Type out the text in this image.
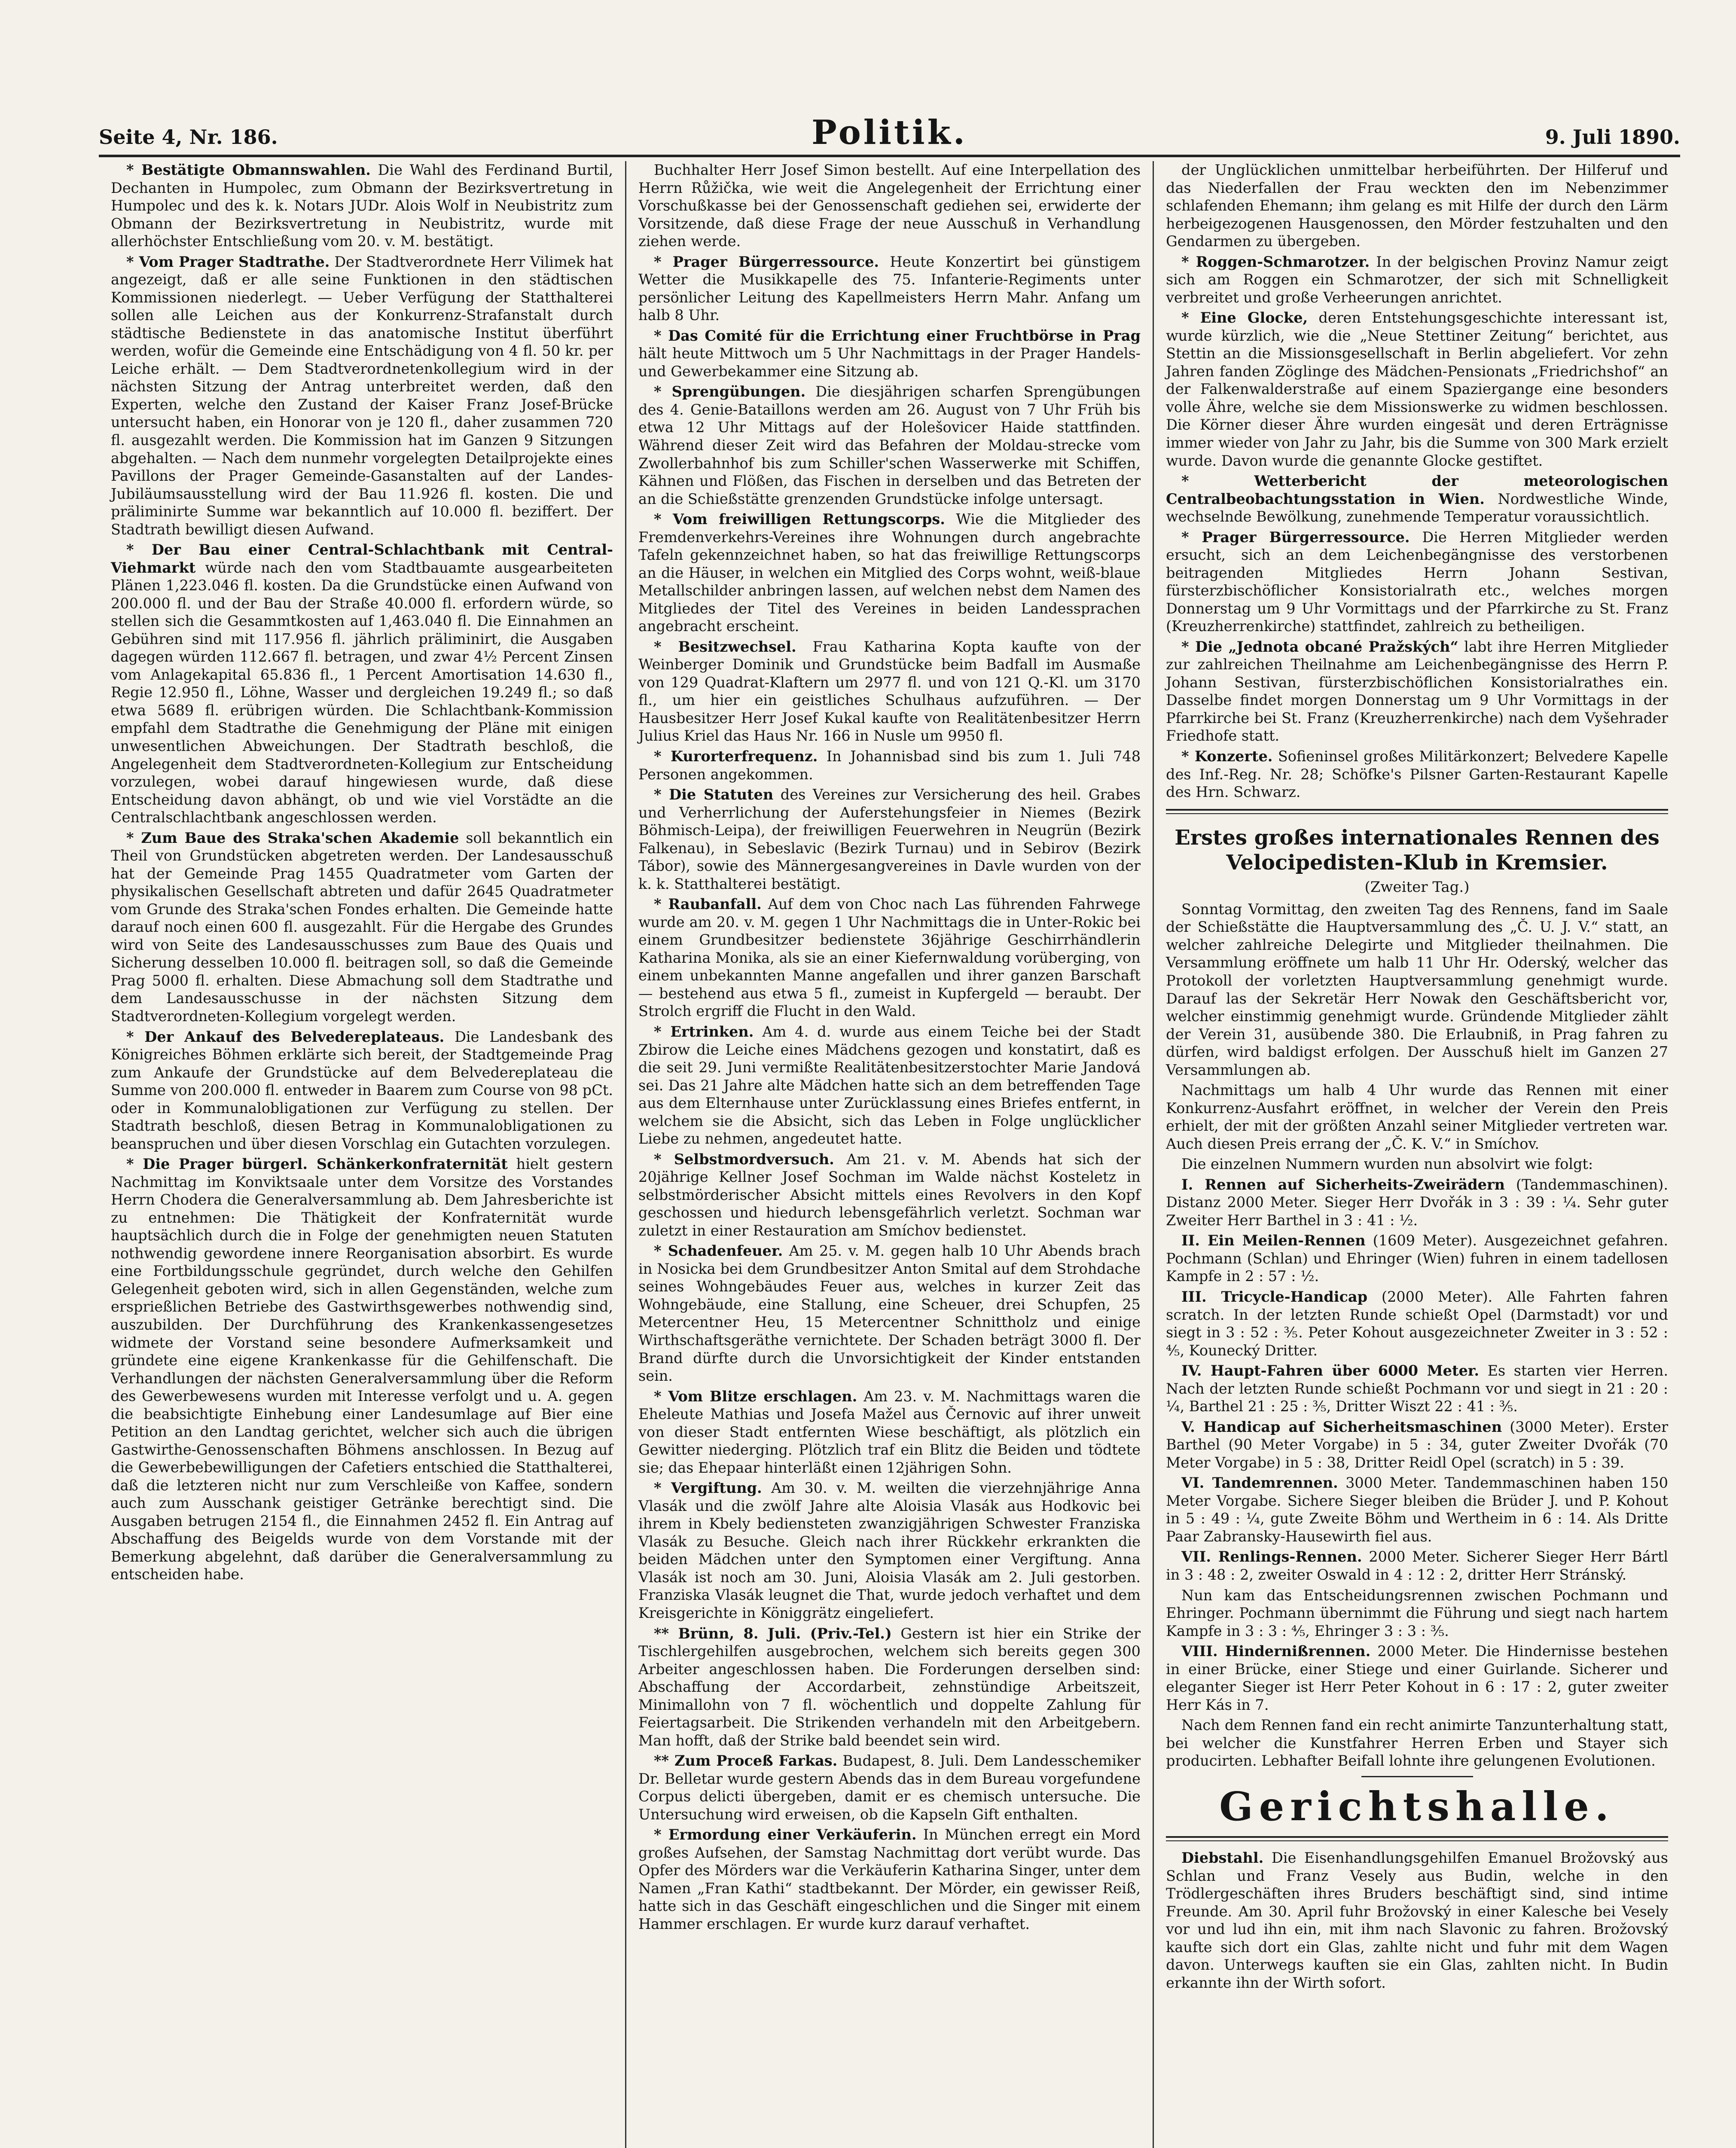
Seite 4, Nr. 186.	Politik.	9. Juli 1890.

* Bestätigte Obmannswahlen. Die Wahl des Ferdinand Burtil, Dechanten in Humpolec, zum Obmann der Bezirksvertretung in Humpolec und des k. k. Notars JUDr. Alois Wolf in Neubistritz zum Obmann der Bezirksvertretung in Neubistritz, wurde mit allerhöchster Entschließung vom 20. v. M. bestätigt.

* Vom Prager Stadtrathe. Der Stadtverordnete Herr Vilimek hat angezeigt, daß er alle seine Funktionen in den städtischen Kommissionen niederlegt. — Ueber Verfügung der Statthalterei sollen alle Leichen aus der Konkurrenz-Strafanstalt durch städtische Bedienstete in das anatomische Institut überführt werden, wofür die Gemeinde eine Entschädigung von 4 fl. 50 kr. per Leiche erhält. — Dem Stadtverordnetenkollegium wird in der nächsten Sitzung der Antrag unterbreitet werden, daß den Experten, welche den Zustand der Kaiser Franz Josef-Brücke untersucht haben, ein Honorar von je 120 fl., daher zusammen 720 fl. ausgezahlt werden. Die Kommission hat im Ganzen 9 Sitzungen abgehalten. — Nach dem nunmehr vorgelegten Detailprojekte eines Pavillons der Prager Gemeinde-Gasanstalten auf der Landes-Jubiläumsausstellung wird der Bau 11.926 fl. kosten. Die und präliminirte Summe war bekanntlich auf 10.000 fl. beziffert. Der Stadtrath bewilligt diesen Aufwand.

* Der Bau einer Central-Schlachtbank mit Central-Viehmarkt würde nach den vom Stadtbauamte ausgearbeiteten Plänen 1,223.046 fl. kosten. Da die Grundstücke einen Aufwand von 200.000 fl. und der Bau der Straße 40.000 fl. erfordern würde, so stellen sich die Gesammtkosten auf 1,463.040 fl. Die Einnahmen an Gebühren sind mit 117.956 fl. jährlich präliminirt, die Ausgaben dagegen würden 112.667 fl. betragen, und zwar 4½ Percent Zinsen vom Anlagekapital 65.836 fl., 1 Percent Amortisation 14.630 fl., Regie 12.950 fl., Löhne, Wasser und dergleichen 19.249 fl.; so daß etwa 5689 fl. erübrigen würden. Die Schlachtbank-Kommission empfahl dem Stadtrathe die Genehmigung der Pläne mit einigen unwesentlichen Abweichungen. Der Stadtrath beschloß, die Angelegenheit dem Stadtverordneten-Kollegium zur Entscheidung vorzulegen, wobei darauf hingewiesen wurde, daß diese Entscheidung davon abhängt, ob und wie viel Vorstädte an die Centralschlachtbank angeschlossen werden.

* Zum Baue des Straka'schen Akademie soll bekanntlich ein Theil von Grundstücken abgetreten werden. Der Landesausschuß hat der Gemeinde Prag 1455 Quadratmeter vom Garten der physikalischen Gesellschaft abtreten und dafür 2645 Quadratmeter vom Grunde des Straka'schen Fondes erhalten. Die Gemeinde hatte darauf noch einen 600 fl. ausgezahlt. Für die Hergabe des Grundes wird von Seite des Landesausschusses zum Baue des Quais und Sicherung desselben 10.000 fl. beitragen soll, so daß die Gemeinde Prag 5000 fl. erhalten. Diese Abmachung soll dem Stadtrathe und dem Landesausschusse in der nächsten Sitzung dem Stadtverordneten-Kollegium vorgelegt werden.

* Der Ankauf des Belvedereplateaus. Die Landesbank des Königreiches Böhmen erklärte sich bereit, der Stadtgemeinde Prag zum Ankaufe der Grundstücke auf dem Belvedereplateau die Summe von 200.000 fl. entweder in Baarem zum Course von 98 pCt. oder in Kommunalobligationen zur Verfügung zu stellen. Der Stadtrath beschloß, diesen Betrag in Kommunalobligationen zu beanspruchen und über diesen Vorschlag ein Gutachten vorzulegen.

* Die Prager bürgerl. Schänkerkonfraternität hielt gestern Nachmittag im Konviktsaale unter dem Vorsitze des Vorstandes Herrn Chodera die Generalversammlung ab. Dem Jahresberichte ist zu entnehmen: Die Thätigkeit der Konfraternität wurde hauptsächlich durch die in Folge der genehmigten neuen Statuten nothwendig gewordene innere Reorganisation absorbirt. Es wurde eine Fortbildungsschule gegründet, durch welche den Gehilfen Gelegenheit geboten wird, sich in allen Gegenständen, welche zum ersprießlichen Betriebe des Gastwirthsgewerbes nothwendig sind, auszubilden. Der Durchführung des Krankenkassengesetzes widmete der Vorstand seine besondere Aufmerksamkeit und gründete eine eigene Krankenkasse für die Gehilfenschaft. Die Verhandlungen der nächsten Generalversammlung über die Reform des Gewerbewesens wurden mit Interesse verfolgt und u. A. gegen die beabsichtigte Einhebung einer Landesumlage auf Bier eine Petition an den Landtag gerichtet, welcher sich auch die übrigen Gastwirthe-Genossenschaften Böhmens anschlossen. In Bezug auf die Gewerbebewilligungen der Cafetiers entschied die Statthalterei, daß die letzteren nicht nur zum Verschleiße von Kaffee, sondern auch zum Ausschank geistiger Getränke berechtigt sind. Die Ausgaben betrugen 2154 fl., die Einnahmen 2452 fl. Ein Antrag auf Abschaffung des Beigelds wurde von dem Vorstande mit der Bemerkung abgelehnt, daß darüber die Generalversammlung zu entscheiden habe.

Buchhalter Herr Josef Simon bestellt. Auf eine Interpellation des Herrn Růžička, wie weit die Angelegenheit der Errichtung einer Vorschußkasse bei der Genossenschaft gediehen sei, erwiderte der Vorsitzende, daß diese Frage der neue Ausschuß in Verhandlung ziehen werde.

* Prager Bürgerressource. Heute Konzertirt bei günstigem Wetter die Musikkapelle des 75. Infanterie-Regiments unter persönlicher Leitung des Kapellmeisters Herrn Mahr. Anfang um halb 8 Uhr.

* Das Comité für die Errichtung einer Fruchtbörse in Prag hält heute Mittwoch um 5 Uhr Nachmittags in der Prager Handels- und Gewerbekammer eine Sitzung ab.

* Sprengübungen. Die diesjährigen scharfen Sprengübungen des 4. Genie-Bataillons werden am 26. August von 7 Uhr Früh bis etwa 12 Uhr Mittags auf der Holešovicer Haide stattfinden. Während dieser Zeit wird das Befahren der Moldau-strecke vom Zwollerbahnhof bis zum Schiller'schen Wasserwerke mit Schiffen, Kähnen und Flößen, das Fischen in derselben und das Betreten der an die Schießstätte grenzenden Grundstücke infolge untersagt.

* Vom freiwilligen Rettungscorps. Wie die Mitglieder des Fremdenverkehrs-Vereines ihre Wohnungen durch angebrachte Tafeln gekennzeichnet haben, so hat das freiwillige Rettungscorps an die Häuser, in welchen ein Mitglied des Corps wohnt, weiß-blaue Metallschilder anbringen lassen, auf welchen nebst dem Namen des Mitgliedes der Titel des Vereines in beiden Landessprachen angebracht erscheint.

* Besitzwechsel. Frau Katharina Kopta kaufte von der Weinberger Dominik und Grundstücke beim Badfall im Ausmaße von 129 Quadrat-Klaftern um 2977 fl. und von 121 Q.-Kl. um 3170 fl., um hier ein geistliches Schulhaus aufzuführen. — Der Hausbesitzer Herr Josef Kukal kaufte von Realitätenbesitzer Herrn Julius Kriel das Haus Nr. 166 in Nusle um 9950 fl.

* Kurorterfrequenz. In Johannisbad sind bis zum 1. Juli 748 Personen angekommen.

* Die Statuten des Vereines zur Versicherung des heil. Grabes und Verherrlichung der Auferstehungsfeier in Niemes (Bezirk Böhmisch-Leipa), der freiwilligen Feuerwehren in Neugrün (Bezirk Falkenau), in Sebeslavic (Bezirk Turnau) und in Sebirov (Bezirk Tábor), sowie des Männergesangvereines in Davle wurden von der k. k. Statthalterei bestätigt.

* Raubanfall. Auf dem von Choc nach Las führenden Fahrwege wurde am 20. v. M. gegen 1 Uhr Nachmittags die in Unter-Rokic bei einem Grundbesitzer bedienstete 36jährige Geschirrhändlerin Katharina Monika, als sie an einer Kiefernwaldung vorüberging, von einem unbekannten Manne angefallen und ihrer ganzen Barschaft — bestehend aus etwa 5 fl., zumeist in Kupfergeld — beraubt. Der Strolch ergriff die Flucht in den Wald.

* Ertrinken. Am 4. d. wurde aus einem Teiche bei der Stadt Zbirow die Leiche eines Mädchens gezogen und konstatirt, daß es die seit 29. Juni vermißte Realitätenbesitzerstochter Marie Jandová sei. Das 21 Jahre alte Mädchen hatte sich an dem betreffenden Tage aus dem Elternhause unter Zurücklassung eines Briefes entfernt, in welchem sie die Absicht, sich das Leben in Folge unglücklicher Liebe zu nehmen, angedeutet hatte.

* Selbstmordversuch. Am 21. v. M. Abends hat sich der 20jährige Kellner Josef Sochman im Walde nächst Kosteletz in selbstmörderischer Absicht mittels eines Revolvers in den Kopf geschossen und hiedurch lebensgefährlich verletzt. Sochman war zuletzt in einer Restauration am Smíchov bedienstet.

* Schadenfeuer. Am 25. v. M. gegen halb 10 Uhr Abends brach in Nosicka bei dem Grundbesitzer Anton Smital auf dem Strohdache seines Wohngebäudes Feuer aus, welches in kurzer Zeit das Wohngebäude, eine Stallung, eine Scheuer, drei Schupfen, 25 Metercentner Heu, 15 Metercentner Schnittholz und einige Wirthschaftsgeräthe vernichtete. Der Schaden beträgt 3000 fl. Der Brand dürfte durch die Unvorsichtigkeit der Kinder entstanden sein.

* Vom Blitze erschlagen. Am 23. v. M. Nachmittags waren die Eheleute Mathias und Josefa Mažel aus Černovic auf ihrer unweit von dieser Stadt entfernten Wiese beschäftigt, als plötzlich ein Gewitter niederging. Plötzlich traf ein Blitz die Beiden und tödtete sie; das Ehepaar hinterläßt einen 12jährigen Sohn.

* Vergiftung. Am 30. v. M. weilten die vierzehnjährige Anna Vlasák und die zwölf Jahre alte Aloisia Vlasák aus Hodkovic bei ihrem in Kbely bediensteten zwanzigjährigen Schwester Franziska Vlasák zu Besuche. Gleich nach ihrer Rückkehr erkrankten die beiden Mädchen unter den Symptomen einer Vergiftung. Anna Vlasák ist noch am 30. Juni, Aloisia Vlasák am 2. Juli gestorben. Franziska Vlasák leugnet die That, wurde jedoch verhaftet und dem Kreisgerichte in Königgrätz eingeliefert.

** Brünn, 8. Juli. (Priv.-Tel.) Gestern ist hier ein Strike der Tischlergehilfen ausgebrochen, welchem sich bereits gegen 300 Arbeiter angeschlossen haben. Die Forderungen derselben sind: Abschaffung der Accordarbeit, zehnstündige Arbeitszeit, Minimallohn von 7 fl. wöchentlich und doppelte Zahlung für Feiertagsarbeit. Die Strikenden verhandeln mit den Arbeitgebern. Man hofft, daß der Strike bald beendet sein wird.

** Zum Proceß Farkas. Budapest, 8. Juli. Dem Landesschemiker Dr. Belletar wurde gestern Abends das in dem Bureau vorgefundene Corpus delicti übergeben, damit er es chemisch untersuche. Die Untersuchung wird erweisen, ob die Kapseln Gift enthalten.

* Ermordung einer Verkäuferin. In München erregt ein Mord großes Aufsehen, der Samstag Nachmittag dort verübt wurde. Das Opfer des Mörders war die Verkäuferin Katharina Singer, unter dem Namen „Fran Kathi“ stadtbekannt. Der Mörder, ein gewisser Reiß, hatte sich in das Geschäft eingeschlichen und die Singer mit einem Hammer erschlagen. Er wurde kurz darauf verhaftet.

der Unglücklichen unmittelbar herbeiführten. Der Hilferuf und das Niederfallen der Frau weckten den im Nebenzimmer schlafenden Ehemann; ihm gelang es mit Hilfe der durch den Lärm herbeigezogenen Hausgenossen, den Mörder festzuhalten und den Gendarmen zu übergeben.

* Roggen-Schmarotzer. In der belgischen Provinz Namur zeigt sich am Roggen ein Schmarotzer, der sich mit Schnelligkeit verbreitet und große Verheerungen anrichtet.

* Eine Glocke, deren Entstehungsgeschichte interessant ist, wurde kürzlich, wie die „Neue Stettiner Zeitung“ berichtet, aus Stettin an die Missionsgesellschaft in Berlin abgeliefert. Vor zehn Jahren fanden Zöglinge des Mädchen-Pensionats „Friedrichshof“ an der Falkenwalderstraße auf einem Spaziergange eine besonders volle Ähre, welche sie dem Missionswerke zu widmen beschlossen. Die Körner dieser Ähre wurden eingesät und deren Erträgnisse immer wieder von Jahr zu Jahr, bis die Summe von 300 Mark erzielt wurde. Davon wurde die genannte Glocke gestiftet.

* Wetterbericht der meteorologischen Centralbeobachtungsstation in Wien. Nordwestliche Winde, wechselnde Bewölkung, zunehmende Temperatur voraussichtlich.

* Prager Bürgerressource. Die Herren Mitglieder werden ersucht, sich an dem Leichenbegängnisse des verstorbenen beitragenden Mitgliedes Herrn Johann Sestivan, fürsterzbischöflicher Konsistorialrath etc., welches morgen Donnerstag um 9 Uhr Vormittags und der Pfarrkirche zu St. Franz (Kreuzherrenkirche) stattfindet, zahlreich zu betheiligen.

* Die „Jednota obcané Pražských“ labt ihre Herren Mitglieder zur zahlreichen Theilnahme am Leichenbegängnisse des Herrn P. Johann Sestivan, fürsterzbischöflichen Konsistorialrathes ein. Dasselbe findet morgen Donnerstag um 9 Uhr Vormittags in der Pfarrkirche bei St. Franz (Kreuzherrenkirche) nach dem Vyšehrader Friedhofe statt.

* Konzerte. Sofieninsel großes Militärkonzert; Belvedere Kapelle des Inf.-Reg. Nr. 28; Schöfke's Pilsner Garten-Restaurant Kapelle des Hrn. Schwarz.

Erstes großes internationales Rennen des Velocipedisten-Klub in Kremsier.
(Zweiter Tag.)

Sonntag Vormittag, den zweiten Tag des Rennens, fand im Saale der Schießstätte die Hauptversammlung des „Č. U. J. V.“ statt, an welcher zahlreiche Delegirte und Mitglieder theilnahmen. Die Versammlung eröffnete um halb 11 Uhr Hr. Oderský, welcher das Protokoll der vorletzten Hauptversammlung genehmigt wurde. Darauf las der Sekretär Herr Nowak den Geschäftsbericht vor, welcher einstimmig genehmigt wurde. Gründende Mitglieder zählt der Verein 31, ausübende 380. Die Erlaubniß, in Prag fahren zu dürfen, wird baldigst erfolgen. Der Ausschuß hielt im Ganzen 27 Versammlungen ab.

Nachmittags um halb 4 Uhr wurde das Rennen mit einer Konkurrenz-Ausfahrt eröffnet, in welcher der Verein den Preis erhielt, der mit der größten Anzahl seiner Mitglieder vertreten war. Auch diesen Preis errang der „Č. K. V.“ in Smíchov.

Die einzelnen Nummern wurden nun absolvirt wie folgt:

I. Rennen auf Sicherheits-Zweirädern (Tandemmaschinen). Distanz 2000 Meter. Sieger Herr Dvořák in 3 : 39 : ¼. Sehr guter Zweiter Herr Barthel in 3 : 41 : ½.

II. Ein Meilen-Rennen (1609 Meter). Ausgezeichnet gefahren. Pochmann (Schlan) und Ehringer (Wien) fuhren in einem tadellosen Kampfe in 2 : 57 : ½.

III. Tricycle-Handicap (2000 Meter). Alle Fahrten fahren scratch. In der letzten Runde schießt Opel (Darmstadt) vor und siegt in 3 : 52 : ⅗. Peter Kohout ausgezeichneter Zweiter in 3 : 52 : ⅘, Kounecký Dritter.

IV. Haupt-Fahren über 6000 Meter. Es starten vier Herren. Nach der letzten Runde schießt Pochmann vor und siegt in 21 : 20 : ¼, Barthel 21 : 25 : ⅗, Dritter Wiszt 22 : 41 : ⅗.

V. Handicap auf Sicherheitsmaschinen (3000 Meter). Erster Barthel (90 Meter Vorgabe) in 5 : 34, guter Zweiter Dvořák (70 Meter Vorgabe) in 5 : 38, Dritter Reidl Opel (scratch) in 5 : 39.

VI. Tandemrennen. 3000 Meter. Tandemmaschinen haben 150 Meter Vorgabe. Sichere Sieger bleiben die Brüder J. und P. Kohout in 5 : 49 : ¼, gute Zweite Böhm und Wertheim in 6 : 14. Als Dritte Paar Zabransky-Hausewirth fiel aus.

VII. Renlings-Rennen. 2000 Meter. Sicherer Sieger Herr Bártl in 3 : 48 : 2, zweiter Oswald in 4 : 12 : 2, dritter Herr Stránský.

Nun kam das Entscheidungsrennen zwischen Pochmann und Ehringer. Pochmann übernimmt die Führung und siegt nach hartem Kampfe in 3 : 3 : ⅘, Ehringer 3 : 3 : ⅗.

VIII. Hindernißrennen. 2000 Meter. Die Hindernisse bestehen in einer Brücke, einer Stiege und einer Guirlande. Sicherer und eleganter Sieger ist Herr Peter Kohout in 6 : 17 : 2, guter zweiter Herr Kás in 7.

Nach dem Rennen fand ein recht animirte Tanzunterhaltung statt, bei welcher die Kunstfahrer Herren Erben und Stayer sich producirten. Lebhafter Beifall lohnte ihre gelungenen Evolutionen.

Gerichtshalle.

Diebstahl. Die Eisenhandlungsgehilfen Emanuel Brožovský aus Schlan und Franz Vesely aus Budin, welche in den Trödlergeschäften ihres Bruders beschäftigt sind, sind intime Freunde. Am 30. April fuhr Brožovský in einer Kalesche bei Vesely vor und lud ihn ein, mit ihm nach Slavonic zu fahren. Brožovský kaufte sich dort ein Glas, zahlte nicht und fuhr mit dem Wagen davon. Unterwegs kauften sie ein Glas, zahlten nicht. In Budin erkannte ihn der Wirth sofort.
